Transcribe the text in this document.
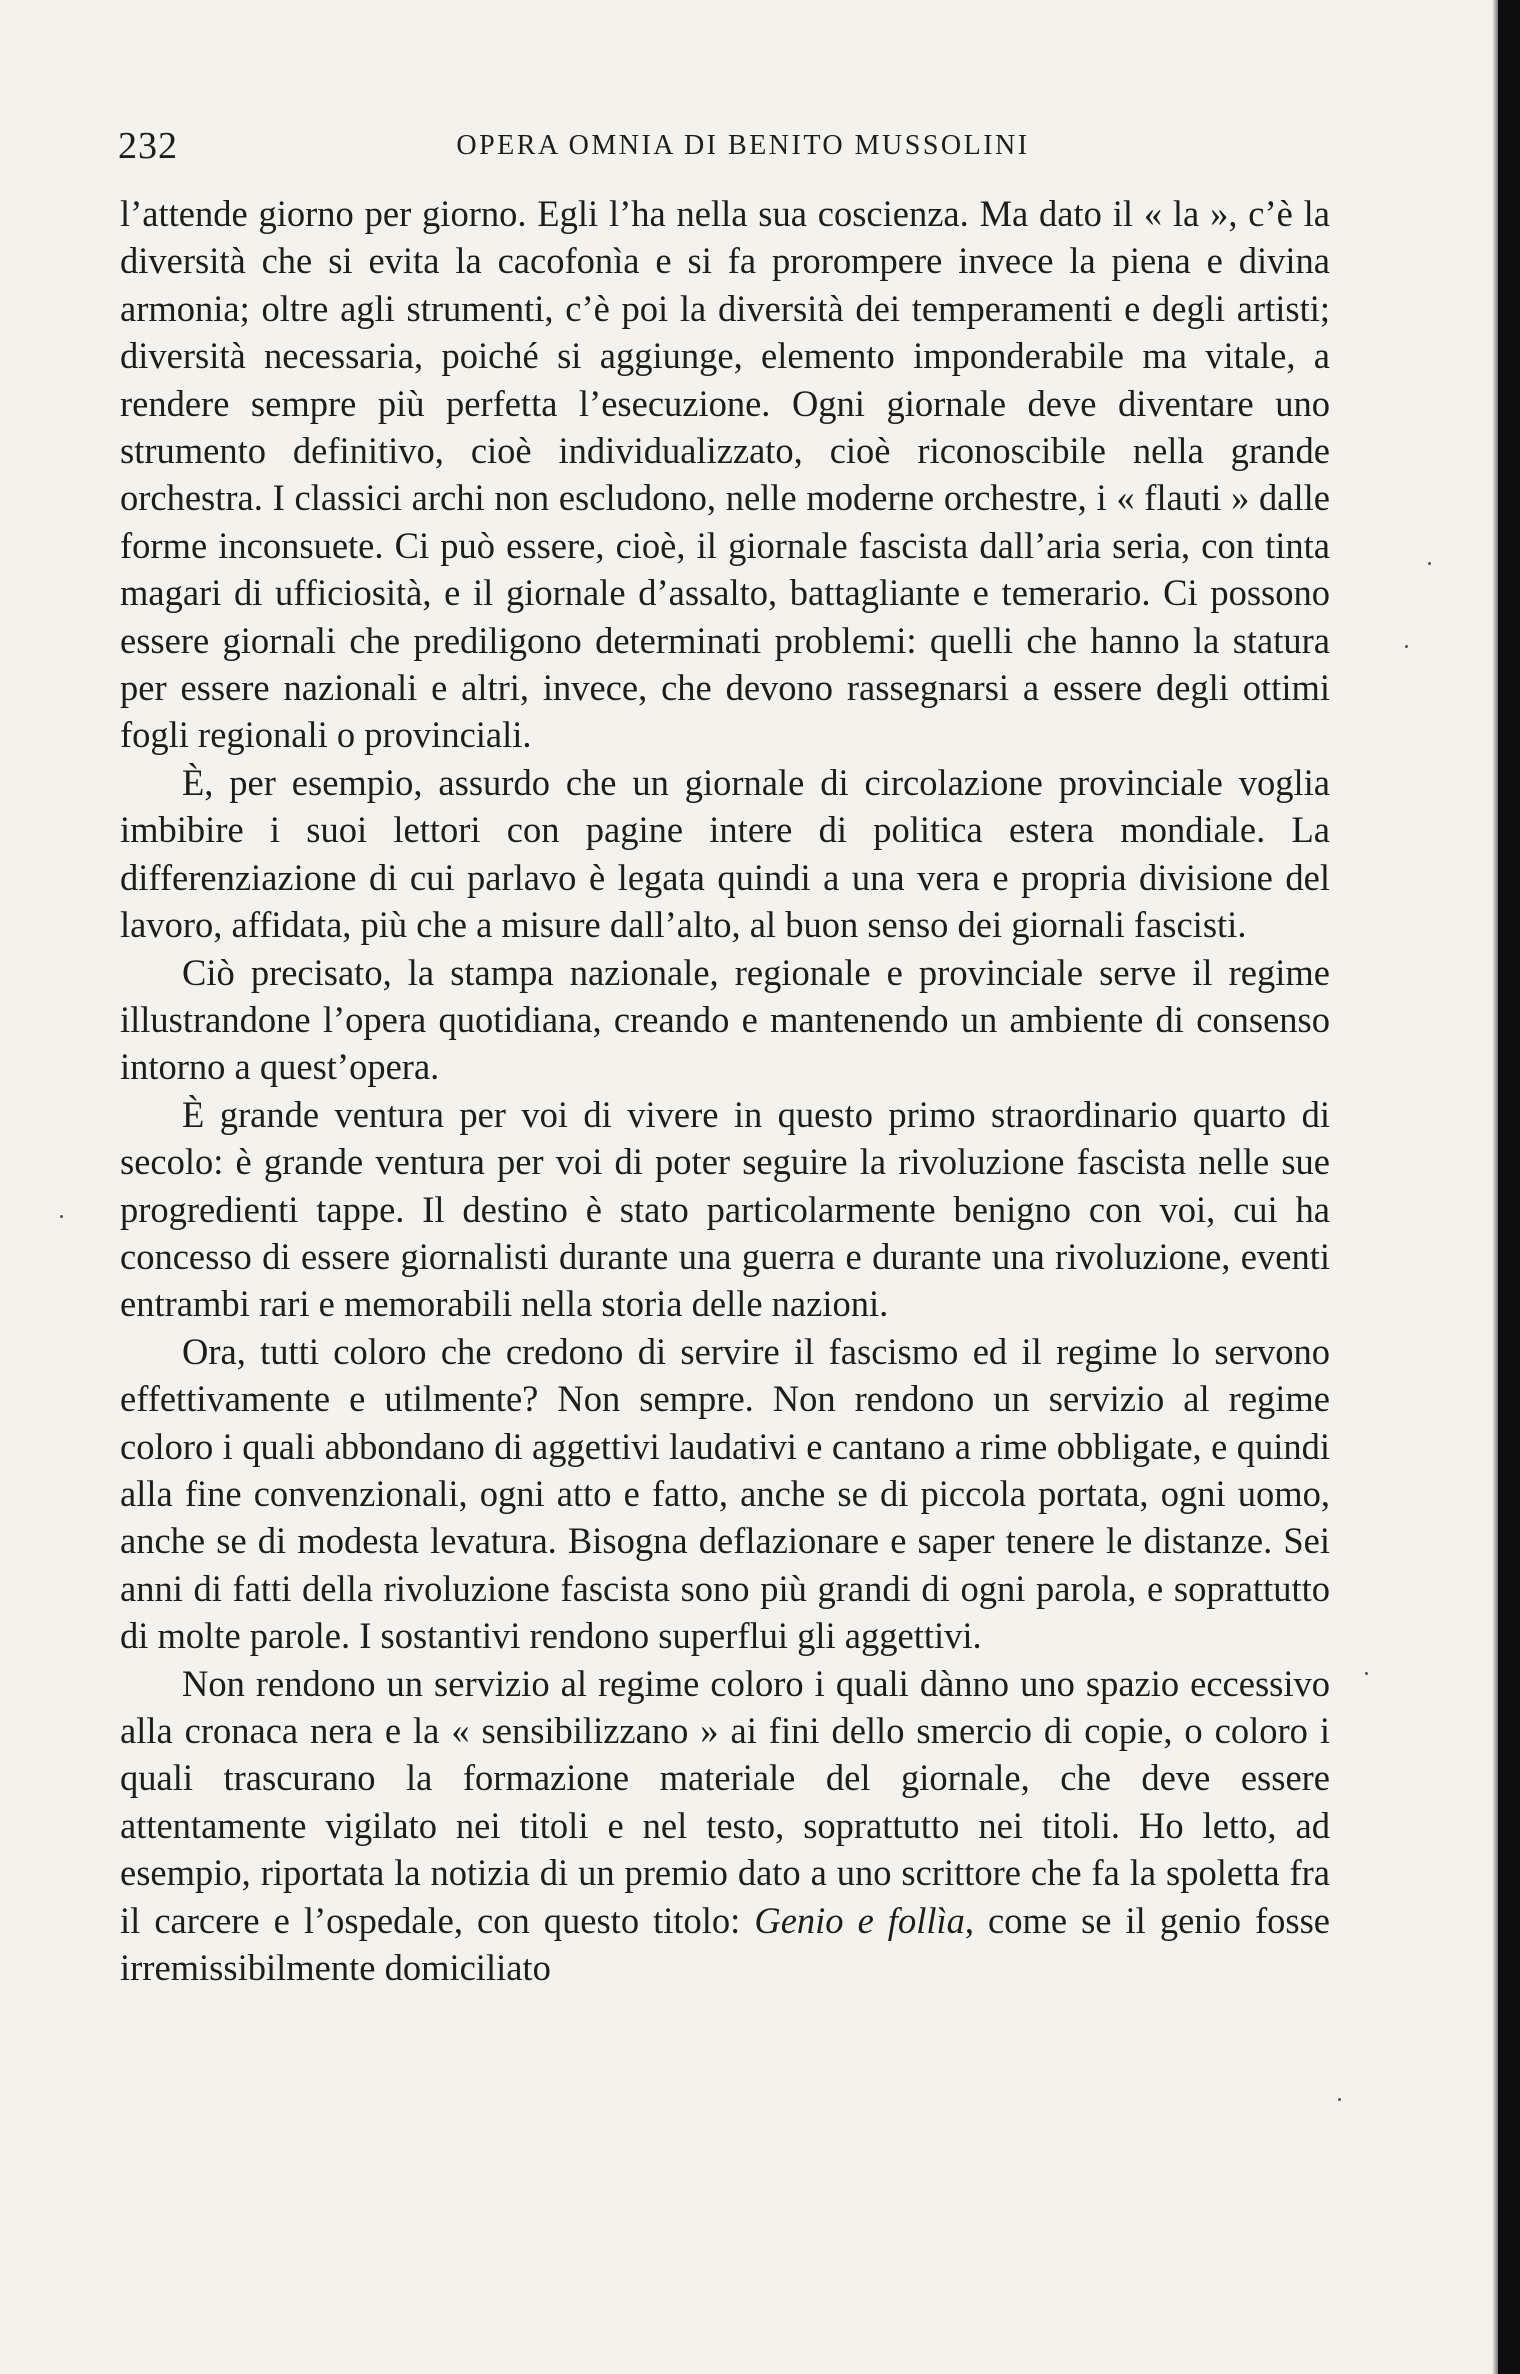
232	OPERA OMNIA DI BENITO MUSSOLINI

l’attende giorno per giorno. Egli l’ha nella sua coscienza. Ma dato il « la », c’è la diversità che si evita la cacofonìa e si fa prorompere invece la piena e divina armonia; oltre agli strumenti, c’è poi la diversità dei temperamenti e degli artisti; diversità necessaria, poiché si aggiunge, elemento imponderabile ma vitale, a rendere sempre più perfetta l’esecuzione. Ogni giornale deve diventare uno strumento definitivo, cioè individualizzato, cioè riconoscibile nella grande orchestra. I classici archi non escludono, nelle moderne orchestre, i « flauti » dalle forme inconsuete. Ci può essere, cioè, il giornale fascista dall’aria seria, con tinta magari di ufficiosità, e il giornale d’assalto, battagliante e temerario. Ci possono essere giornali che prediligono determinati problemi: quelli che hanno la statura per essere nazionali e altri, invece, che devono rassegnarsi a essere degli ottimi fogli regionali o provinciali.

È, per esempio, assurdo che un giornale di circolazione provinciale voglia imbibire i suoi lettori con pagine intere di politica estera mondiale. La differenziazione di cui parlavo è legata quindi a una vera e propria divisione del lavoro, affidata, più che a misure dall’alto, al buon senso dei giornali fascisti.

Ciò precisato, la stampa nazionale, regionale e provinciale serve il regime illustrandone l’opera quotidiana, creando e mantenendo un ambiente di consenso intorno a quest’opera.

È grande ventura per voi di vivere in questo primo straordinario quarto di secolo: è grande ventura per voi di poter seguire la rivoluzione fascista nelle sue progredienti tappe. Il destino è stato particolarmente benigno con voi, cui ha concesso di essere giornalisti durante una guerra e durante una rivoluzione, eventi entrambi rari e memorabili nella storia delle nazioni.

Ora, tutti coloro che credono di servire il fascismo ed il regime lo servono effettivamente e utilmente? Non sempre. Non rendono un servizio al regime coloro i quali abbondano di aggettivi laudativi e cantano a rime obbligate, e quindi alla fine convenzionali, ogni atto e fatto, anche se di piccola portata, ogni uomo, anche se di modesta levatura. Bisogna deflazionare e saper tenere le distanze. Sei anni di fatti della rivoluzione fascista sono più grandi di ogni parola, e soprattutto di molte parole. I sostantivi rendono superflui gli aggettivi.

Non rendono un servizio al regime coloro i quali dànno uno spazio eccessivo alla cronaca nera e la « sensibilizzano » ai fini dello smercio di copie, o coloro i quali trascurano la formazione materiale del giornale, che deve essere attentamente vigilato nei titoli e nel testo, soprattutto nei titoli. Ho letto, ad esempio, riportata la notizia di un premio dato a uno scrittore che fa la spoletta fra il carcere e l’ospedale, con questo titolo: Genio e follìa, come se il genio fosse irremissibilmente domiciliato
